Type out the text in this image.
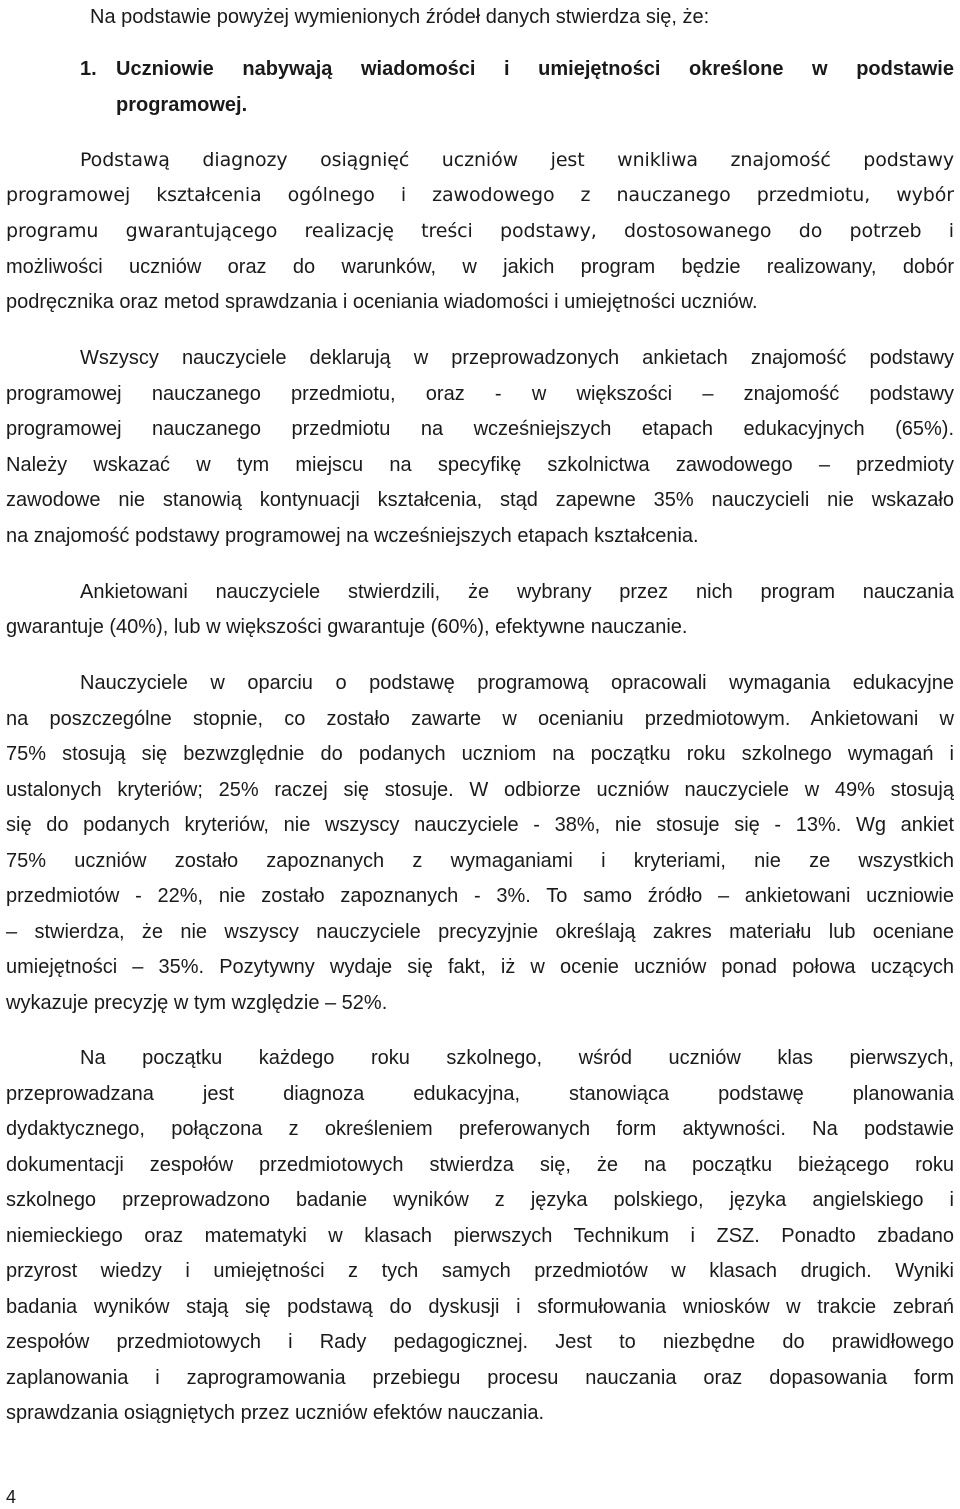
Na podstawie powyżej wymienionych źródeł danych stwierdza się, że:

1. Uczniowie nabywają wiadomości i umiejętności określone w podstawie

programowej.

Podstawą diagnozy osiągnięć uczniów jest wnikliwa znajomość podstawy

programowej kształcenia ogólnego i zawodowego z nauczanego przedmiotu, wybór

programu gwarantującego realizację treści podstawy, dostosowanego do potrzeb i

możliwości uczniów oraz do warunków, w jakich program będzie realizowany, dobór

podręcznika oraz metod sprawdzania i oceniania wiadomości i umiejętności uczniów.

Wszyscy nauczyciele deklarują w przeprowadzonych ankietach znajomość podstawy

programowej nauczanego przedmiotu, oraz - w większości – znajomość podstawy

programowej nauczanego przedmiotu na wcześniejszych etapach edukacyjnych (65%).

Należy wskazać w tym miejscu na specyfikę szkolnictwa zawodowego – przedmioty

zawodowe nie stanowią kontynuacji kształcenia, stąd zapewne 35% nauczycieli nie wskazało

na znajomość podstawy programowej na wcześniejszych etapach kształcenia.

Ankietowani nauczyciele stwierdzili, że wybrany przez nich program nauczania

gwarantuje (40%), lub w większości gwarantuje (60%), efektywne nauczanie.

Nauczyciele w oparciu o podstawę programową opracowali wymagania edukacyjne

na poszczególne stopnie, co zostało zawarte w ocenianiu przedmiotowym. Ankietowani w

75% stosują się bezwzględnie do podanych uczniom na początku roku szkolnego wymagań i

ustalonych kryteriów; 25% raczej się stosuje. W odbiorze uczniów nauczyciele w 49% stosują

się do podanych kryteriów, nie wszyscy nauczyciele - 38%, nie stosuje się - 13%. Wg ankiet

75% uczniów zostało zapoznanych z wymaganiami i kryteriami, nie ze wszystkich

przedmiotów - 22%, nie zostało zapoznanych - 3%. To samo źródło – ankietowani uczniowie

– stwierdza, że nie wszyscy nauczyciele precyzyjnie określają zakres materiału lub oceniane

umiejętności – 35%. Pozytywny wydaje się fakt, iż w ocenie uczniów ponad połowa uczących

wykazuje precyzję w tym względzie – 52%.

Na początku każdego roku szkolnego, wśród uczniów klas pierwszych,

przeprowadzana jest diagnoza edukacyjna, stanowiąca podstawę planowania

dydaktycznego, połączona z określeniem preferowanych form aktywności. Na podstawie

dokumentacji zespołów przedmiotowych stwierdza się, że na początku bieżącego roku

szkolnego przeprowadzono badanie wyników z języka polskiego, języka angielskiego i

niemieckiego oraz matematyki w klasach pierwszych Technikum i ZSZ. Ponadto zbadano

przyrost wiedzy i umiejętności z tych samych przedmiotów w klasach drugich. Wyniki

badania wyników stają się podstawą do dyskusji i sformułowania wniosków w trakcie zebrań

zespołów przedmiotowych i Rady pedagogicznej. Jest to niezbędne do prawidłowego

zaplanowania i zaprogramowania przebiegu procesu nauczania oraz dopasowania form

sprawdzania osiągniętych przez uczniów efektów nauczania.

4
